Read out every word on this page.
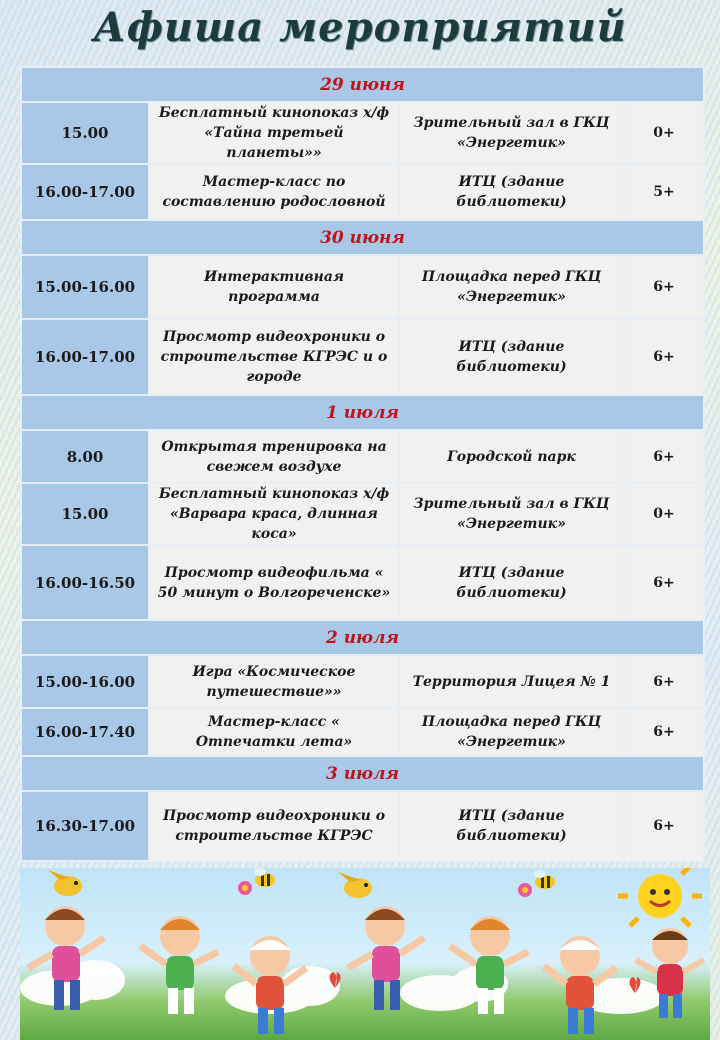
Афиша мероприятий
29 июня			
15.00	Бесплатный кинопоказ х/ф «Тайна третьей планеты»»	Зрительный зал в ГКЦ «Энергетик»	0+
16.00-17.00	Мастер-класс по составлению родословной	ИТЦ (здание библиотеки)	5+
30 июня			
15.00-16.00	Интерактивная программа	Площадка перед ГКЦ «Энергетик»	6+
16.00-17.00	Просмотр видеохроники о строительстве КГРЭС и о городе	ИТЦ (здание библиотеки)	6+
1 июля			
8.00	Открытая тренировка на свежем воздухе	Городской парк	6+
15.00	Бесплатный кинопоказ х/ф «Варвара краса, длинная коса»	Зрительный зал в ГКЦ «Энергетик»	0+
16.00-16.50	Просмотр видеофильма « 50 минут о Волгореченске»	ИТЦ (здание библиотеки)	6+
2 июля			
15.00-16.00	Игра «Космическое путешествие»»	Территория Лицея № 1	6+
16.00-17.40	Мастер-класс « Отпечатки лета»	Площадка перед ГКЦ «Энергетик»	6+
3 июля			
16.30-17.00	Просмотр видеохроники о строительстве КГРЭС	ИТЦ (здание библиотеки)	6+
